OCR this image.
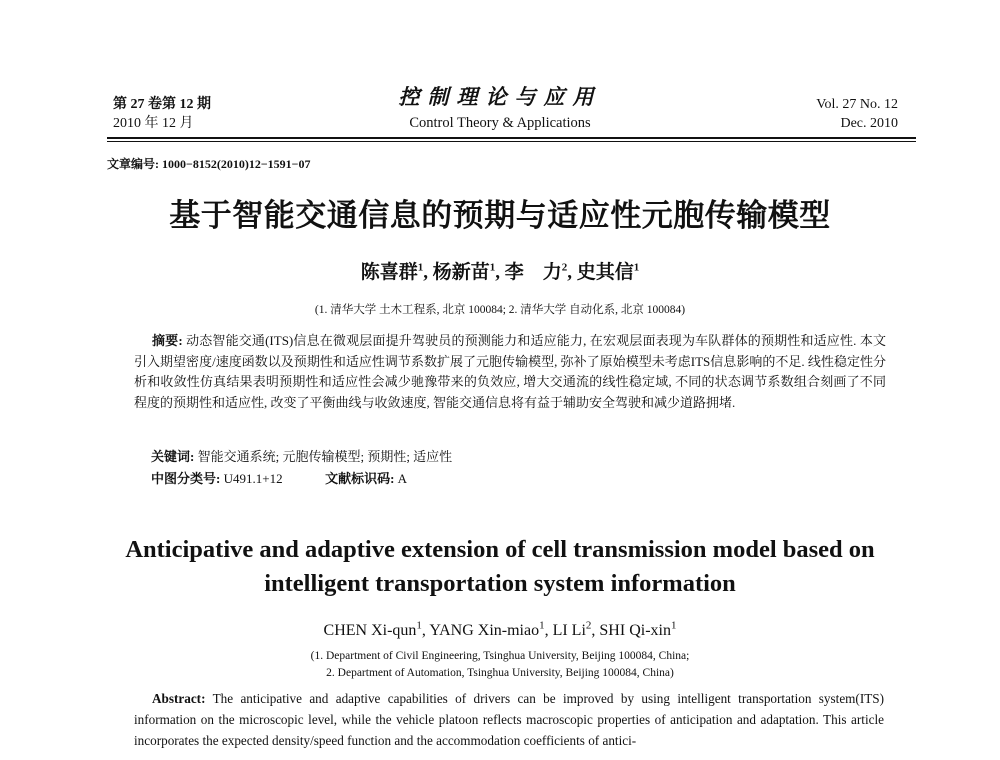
第 27 卷第 12 期
2010 年 12 月
控制理论与应用
Control Theory & Applications
Vol. 27 No. 12
Dec. 2010
文章编号: 1000−8152(2010)12−1591−07
基于智能交通信息的预期与适应性元胞传输模型
陈喜群$^1$, 杨新苗$^1$, 李　力$^2$, 史其信$^1$
(1. 清华大学 土木工程系, 北京 100084; 2. 清华大学 自动化系, 北京 100084)
摘要: 动态智能交通(ITS)信息在微观层面提升驾驶员的预测能力和适应能力, 在宏观层面表现为车队群体的预期性和适应性. 本文引入期望密度/速度函数以及预期性和适应性调节系数扩展了元胞传输模型, 弥补了原始模型未考虑ITS信息影响的不足. 线性稳定性分析和收敛性仿真结果表明预期性和适应性会减少驰豫带来的负效应, 增大交通流的线性稳定域, 不同的状态调节系数组合刻画了不同程度的预期性和适应性, 改变了平衡曲线与收敛速度, 智能交通信息将有益于辅助安全驾驶和减少道路拥堵.
关键词: 智能交通系统; 元胞传输模型; 预期性; 适应性
中图分类号: U491.1+12	文献标识码: A
Anticipative and adaptive extension of cell transmission model based on
intelligent transportation system information
CHEN Xi-qun$^1$, YANG Xin-miao$^1$, LI Li$^2$, SHI Qi-xin$^1$
(1. Department of Civil Engineering, Tsinghua University, Beijing 100084, China;
2. Department of Automation, Tsinghua University, Beijing 100084, China)
Abstract: The anticipative and adaptive capabilities of drivers can be improved by using intelligent transportation system(ITS) information on the microscopic level, while the vehicle platoon reflects macroscopic properties of anticipation and adaptation. This article incorporates the expected density/speed function and the accommodation coefficients of antici-
